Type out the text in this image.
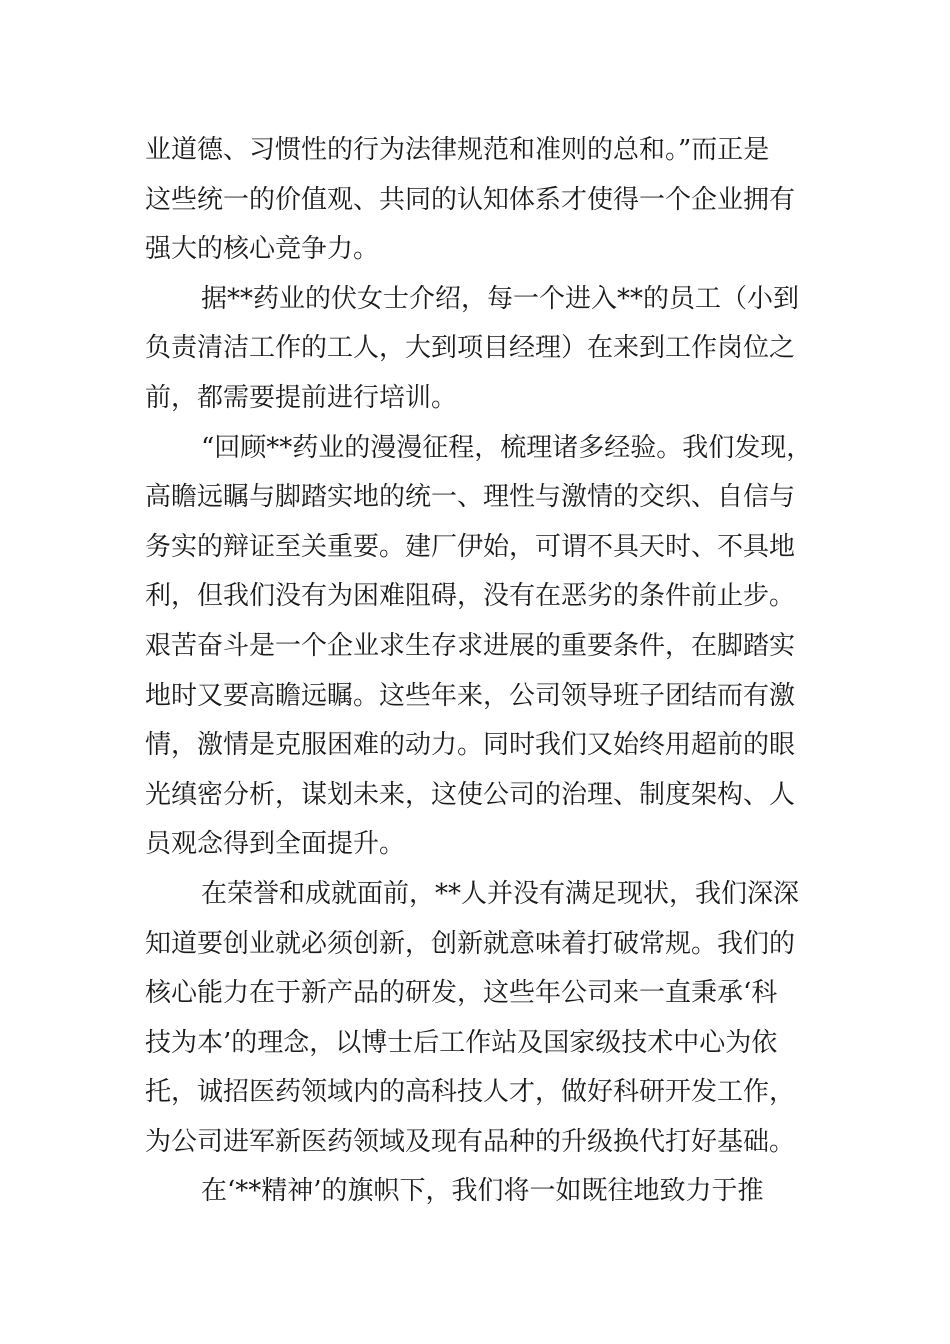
业道德、习惯性的行为法律规范和准则的总和。”而正是
这些统一的价值观、共同的认知体系才使得一个企业拥有
强大的核心竞争力。
据**药业的伏女士介绍，每一个进入**的员工（小到
负责清洁工作的工人，大到项目经理）在来到工作岗位之
前，都需要提前进行培训。
“回顾**药业的漫漫征程，梳理诸多经验。我们发现，
高瞻远瞩与脚踏实地的统一、理性与激情的交织、自信与
务实的辩证至关重要。建厂伊始，可谓不具天时、不具地
利，但我们没有为困难阻碍，没有在恶劣的条件前止步。
艰苦奋斗是一个企业求生存求进展的重要条件，在脚踏实
地时又要高瞻远瞩。这些年来，公司领导班子团结而有激
情，激情是克服困难的动力。同时我们又始终用超前的眼
光缜密分析，谋划未来，这使公司的治理、制度架构、人
员观念得到全面提升。
在荣誉和成就面前，**人并没有满足现状，我们深深
知道要创业就必须创新，创新就意味着打破常规。我们的
核心能力在于新产品的研发，这些年公司来一直秉承‘科
技为本’的理念，以博士后工作站及国家级技术中心为依
托，诚招医药领域内的高科技人才，做好科研开发工作，
为公司进军新医药领域及现有品种的升级换代打好基础。
在‘**精神’的旗帜下，我们将一如既往地致力于推
